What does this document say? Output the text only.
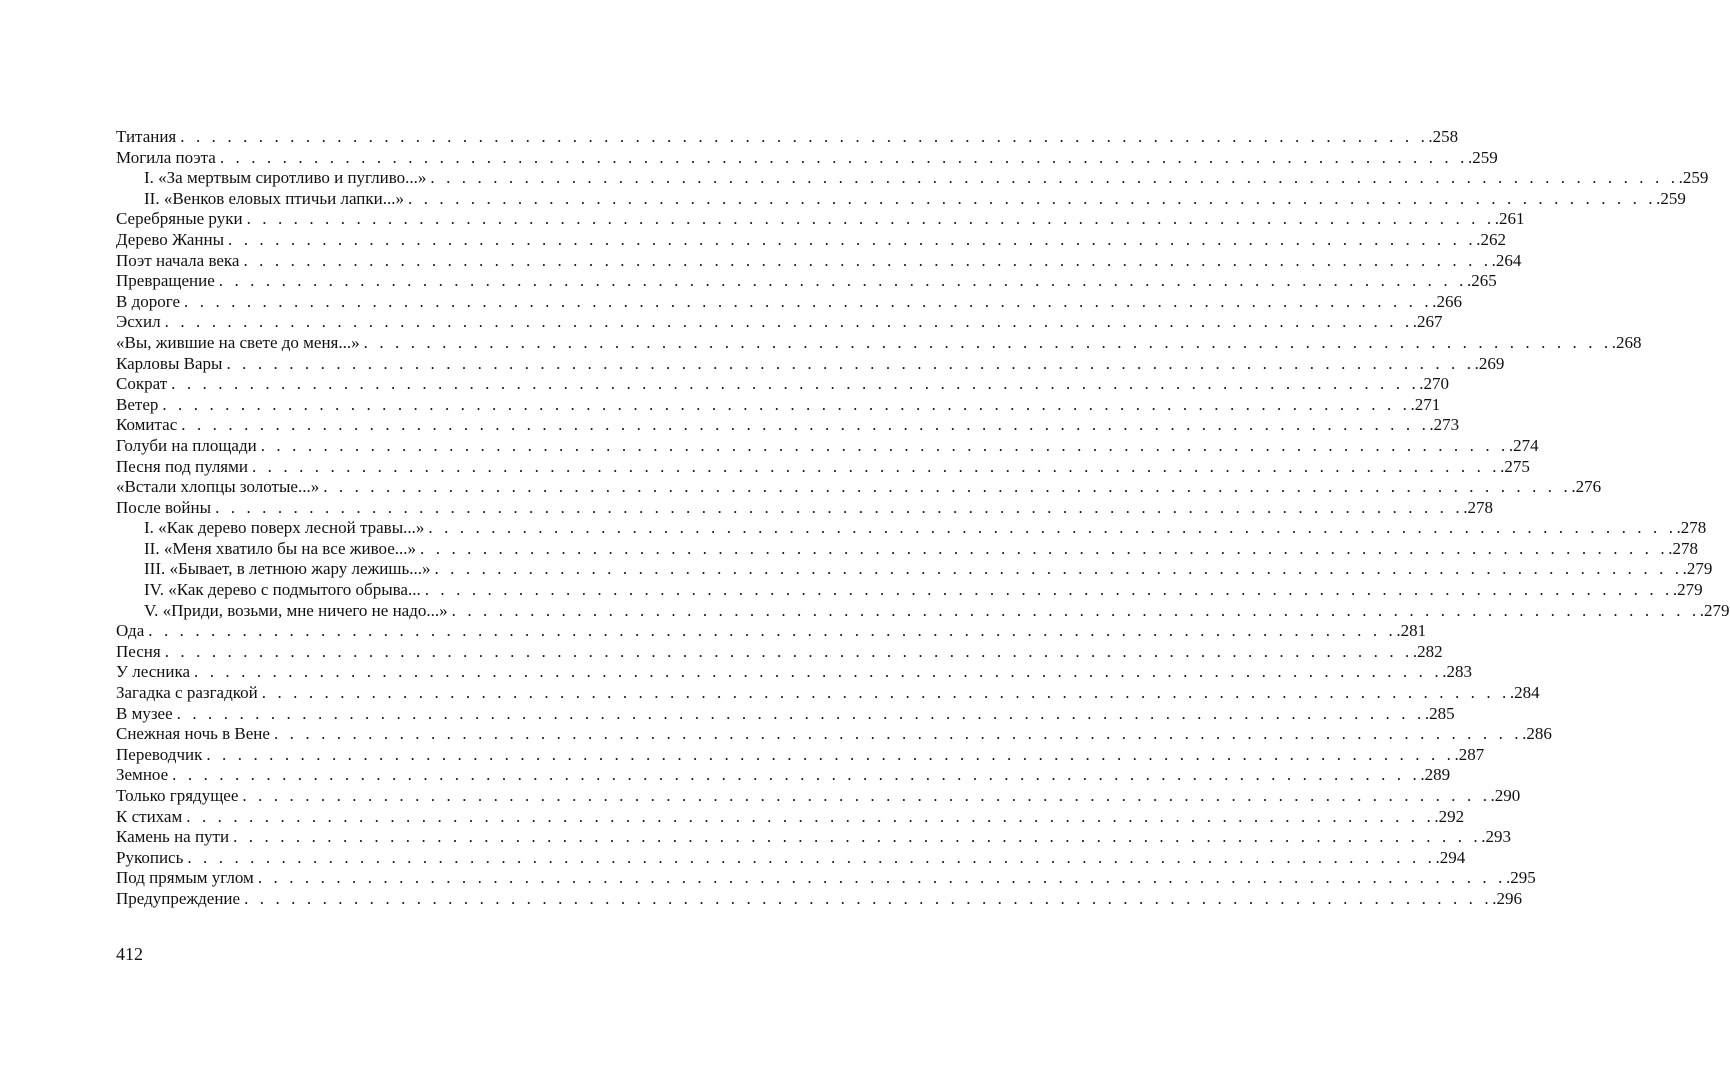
Титания . . . . . . . . . . . . . . . . . . . . . . . . . . . . . . . . . . . . . . . . . . . . . . . . . . . . . . . . . . . . . . . . . . . . . . . . . . . . . . . . .258
Могила поэта . . . . . . . . . . . . . . . . . . . . . . . . . . . . . . . . . . . . . . . . . . . . . . . . . . . . . . . . . . . . . . . . . . . . . . . . . . . . . . . . .259
I. «За мертвым сиротливо и пугливо...» . . . . . . . . . . . . . . . . . . . . . . . . . . . . . . . . . . . . . . . . . . . . . . . . . . . . . . . . . . . . . . . . . . . . . . . . . . . . . . . . .259
II. «Венков еловых птичьи лапки...» . . . . . . . . . . . . . . . . . . . . . . . . . . . . . . . . . . . . . . . . . . . . . . . . . . . . . . . . . . . . . . . . . . . . . . . . . . . . . . . . .259
Серебряные руки . . . . . . . . . . . . . . . . . . . . . . . . . . . . . . . . . . . . . . . . . . . . . . . . . . . . . . . . . . . . . . . . . . . . . . . . . . . . . . . . .261
Дерево Жанны . . . . . . . . . . . . . . . . . . . . . . . . . . . . . . . . . . . . . . . . . . . . . . . . . . . . . . . . . . . . . . . . . . . . . . . . . . . . . . . . .262
Поэт начала века . . . . . . . . . . . . . . . . . . . . . . . . . . . . . . . . . . . . . . . . . . . . . . . . . . . . . . . . . . . . . . . . . . . . . . . . . . . . . . . . .264
Превращение . . . . . . . . . . . . . . . . . . . . . . . . . . . . . . . . . . . . . . . . . . . . . . . . . . . . . . . . . . . . . . . . . . . . . . . . . . . . . . . . .265
В дороге . . . . . . . . . . . . . . . . . . . . . . . . . . . . . . . . . . . . . . . . . . . . . . . . . . . . . . . . . . . . . . . . . . . . . . . . . . . . . . . . .266
Эсхил . . . . . . . . . . . . . . . . . . . . . . . . . . . . . . . . . . . . . . . . . . . . . . . . . . . . . . . . . . . . . . . . . . . . . . . . . . . . . . . . .267
«Вы, жившие на свете до меня...» . . . . . . . . . . . . . . . . . . . . . . . . . . . . . . . . . . . . . . . . . . . . . . . . . . . . . . . . . . . . . . . . . . . . . . . . . . . . . . . . .268
Карловы Вары . . . . . . . . . . . . . . . . . . . . . . . . . . . . . . . . . . . . . . . . . . . . . . . . . . . . . . . . . . . . . . . . . . . . . . . . . . . . . . . . .269
Сократ . . . . . . . . . . . . . . . . . . . . . . . . . . . . . . . . . . . . . . . . . . . . . . . . . . . . . . . . . . . . . . . . . . . . . . . . . . . . . . . . .270
Ветер . . . . . . . . . . . . . . . . . . . . . . . . . . . . . . . . . . . . . . . . . . . . . . . . . . . . . . . . . . . . . . . . . . . . . . . . . . . . . . . . .271
Комитас . . . . . . . . . . . . . . . . . . . . . . . . . . . . . . . . . . . . . . . . . . . . . . . . . . . . . . . . . . . . . . . . . . . . . . . . . . . . . . . . .273
Голуби на площади . . . . . . . . . . . . . . . . . . . . . . . . . . . . . . . . . . . . . . . . . . . . . . . . . . . . . . . . . . . . . . . . . . . . . . . . . . . . . . . . .274
Песня под пулями . . . . . . . . . . . . . . . . . . . . . . . . . . . . . . . . . . . . . . . . . . . . . . . . . . . . . . . . . . . . . . . . . . . . . . . . . . . . . . . . .275
«Встали хлопцы золотые...» . . . . . . . . . . . . . . . . . . . . . . . . . . . . . . . . . . . . . . . . . . . . . . . . . . . . . . . . . . . . . . . . . . . . . . . . . . . . . . . . .276
После войны . . . . . . . . . . . . . . . . . . . . . . . . . . . . . . . . . . . . . . . . . . . . . . . . . . . . . . . . . . . . . . . . . . . . . . . . . . . . . . . . .278
I. «Как дерево поверх лесной травы...» . . . . . . . . . . . . . . . . . . . . . . . . . . . . . . . . . . . . . . . . . . . . . . . . . . . . . . . . . . . . . . . . . . . . . . . . . . . . . . . . .278
II. «Меня хватило бы на все живое...» . . . . . . . . . . . . . . . . . . . . . . . . . . . . . . . . . . . . . . . . . . . . . . . . . . . . . . . . . . . . . . . . . . . . . . . . . . . . . . . . .278
III. «Бывает, в летнюю жару лежишь...» . . . . . . . . . . . . . . . . . . . . . . . . . . . . . . . . . . . . . . . . . . . . . . . . . . . . . . . . . . . . . . . . . . . . . . . . . . . . . . . . .279
IV. «Как дерево с подмытого обрыва... . . . . . . . . . . . . . . . . . . . . . . . . . . . . . . . . . . . . . . . . . . . . . . . . . . . . . . . . . . . . . . . . . . . . . . . . . . . . . . . . .279
V. «Приди, возьми, мне ничего не надо...» . . . . . . . . . . . . . . . . . . . . . . . . . . . . . . . . . . . . . . . . . . . . . . . . . . . . . . . . . . . . . . . . . . . . . . . . . . . . . . . . .279
Ода . . . . . . . . . . . . . . . . . . . . . . . . . . . . . . . . . . . . . . . . . . . . . . . . . . . . . . . . . . . . . . . . . . . . . . . . . . . . . . . . .281
Песня . . . . . . . . . . . . . . . . . . . . . . . . . . . . . . . . . . . . . . . . . . . . . . . . . . . . . . . . . . . . . . . . . . . . . . . . . . . . . . . . .282
У лесника . . . . . . . . . . . . . . . . . . . . . . . . . . . . . . . . . . . . . . . . . . . . . . . . . . . . . . . . . . . . . . . . . . . . . . . . . . . . . . . . .283
Загадка с разгадкой . . . . . . . . . . . . . . . . . . . . . . . . . . . . . . . . . . . . . . . . . . . . . . . . . . . . . . . . . . . . . . . . . . . . . . . . . . . . . . . . .284
В музее . . . . . . . . . . . . . . . . . . . . . . . . . . . . . . . . . . . . . . . . . . . . . . . . . . . . . . . . . . . . . . . . . . . . . . . . . . . . . . . . .285
Снежная ночь в Вене . . . . . . . . . . . . . . . . . . . . . . . . . . . . . . . . . . . . . . . . . . . . . . . . . . . . . . . . . . . . . . . . . . . . . . . . . . . . . . . . .286
Переводчик . . . . . . . . . . . . . . . . . . . . . . . . . . . . . . . . . . . . . . . . . . . . . . . . . . . . . . . . . . . . . . . . . . . . . . . . . . . . . . . . .287
Земное . . . . . . . . . . . . . . . . . . . . . . . . . . . . . . . . . . . . . . . . . . . . . . . . . . . . . . . . . . . . . . . . . . . . . . . . . . . . . . . . .289
Только грядущее . . . . . . . . . . . . . . . . . . . . . . . . . . . . . . . . . . . . . . . . . . . . . . . . . . . . . . . . . . . . . . . . . . . . . . . . . . . . . . . . .290
К стихам . . . . . . . . . . . . . . . . . . . . . . . . . . . . . . . . . . . . . . . . . . . . . . . . . . . . . . . . . . . . . . . . . . . . . . . . . . . . . . . . .292
Камень на пути . . . . . . . . . . . . . . . . . . . . . . . . . . . . . . . . . . . . . . . . . . . . . . . . . . . . . . . . . . . . . . . . . . . . . . . . . . . . . . . . .293
Рукопись . . . . . . . . . . . . . . . . . . . . . . . . . . . . . . . . . . . . . . . . . . . . . . . . . . . . . . . . . . . . . . . . . . . . . . . . . . . . . . . . .294
Под прямым углом . . . . . . . . . . . . . . . . . . . . . . . . . . . . . . . . . . . . . . . . . . . . . . . . . . . . . . . . . . . . . . . . . . . . . . . . . . . . . . . . .295
Предупреждение . . . . . . . . . . . . . . . . . . . . . . . . . . . . . . . . . . . . . . . . . . . . . . . . . . . . . . . . . . . . . . . . . . . . . . . . . . . . . . . . .296
412
